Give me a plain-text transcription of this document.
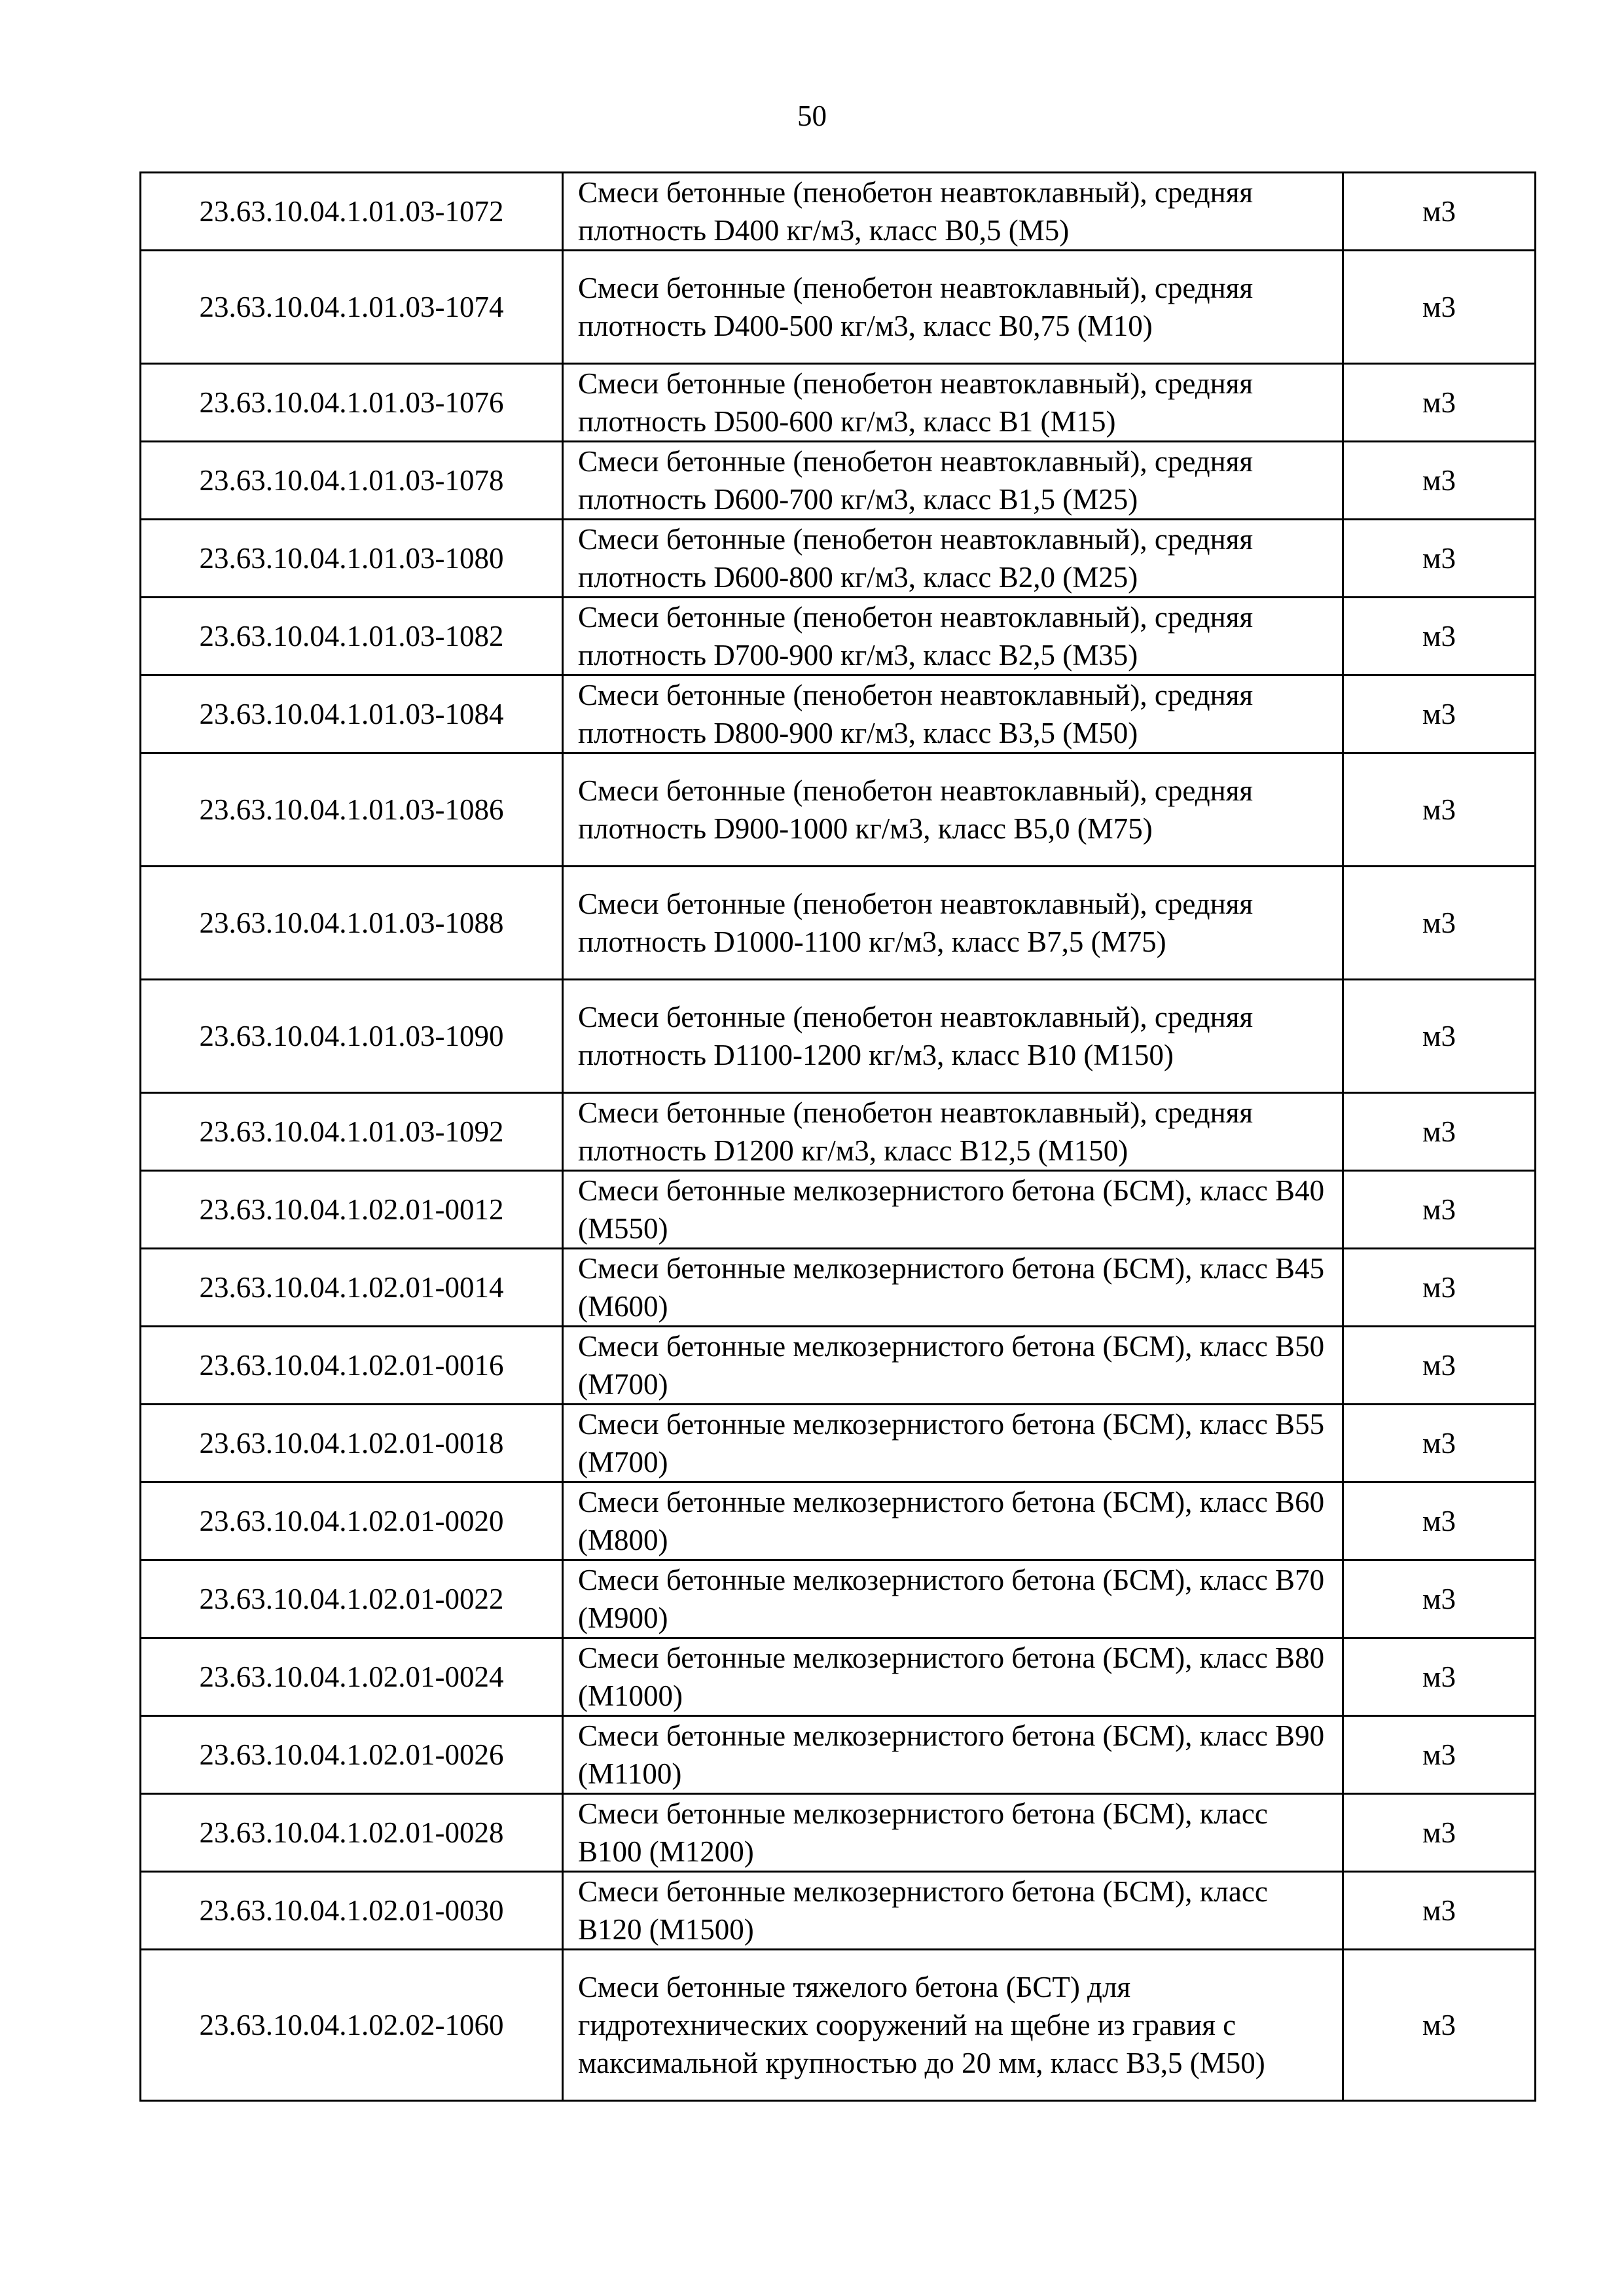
50
23.63.10.04.1.01.03-1072	Смеси бетонные (пенобетон неавтоклавный), средняя плотность D400 кг/м3, класс В0,5 (М5)	м3
23.63.10.04.1.01.03-1074	Смеси бетонные (пенобетон неавтоклавный), средняя плотность D400-500 кг/м3, класс В0,75 (М10)	м3
23.63.10.04.1.01.03-1076	Смеси бетонные (пенобетон неавтоклавный), средняя плотность D500-600 кг/м3, класс В1 (М15)	м3
23.63.10.04.1.01.03-1078	Смеси бетонные (пенобетон неавтоклавный), средняя плотность D600-700 кг/м3, класс В1,5 (М25)	м3
23.63.10.04.1.01.03-1080	Смеси бетонные (пенобетон неавтоклавный), средняя плотность D600-800 кг/м3, класс В2,0 (М25)	м3
23.63.10.04.1.01.03-1082	Смеси бетонные (пенобетон неавтоклавный), средняя плотность D700-900 кг/м3, класс В2,5 (М35)	м3
23.63.10.04.1.01.03-1084	Смеси бетонные (пенобетон неавтоклавный), средняя плотность D800-900 кг/м3, класс В3,5 (М50)	м3
23.63.10.04.1.01.03-1086	Смеси бетонные (пенобетон неавтоклавный), средняя плотность D900-1000 кг/м3, класс В5,0 (М75)	м3
23.63.10.04.1.01.03-1088	Смеси бетонные (пенобетон неавтоклавный), средняя плотность D1000-1100 кг/м3, класс В7,5 (М75)	м3
23.63.10.04.1.01.03-1090	Смеси бетонные (пенобетон неавтоклавный), средняя плотность D1100-1200 кг/м3, класс В10 (М150)	м3
23.63.10.04.1.01.03-1092	Смеси бетонные (пенобетон неавтоклавный), средняя плотность D1200 кг/м3, класс В12,5 (М150)	м3
23.63.10.04.1.02.01-0012	Смеси бетонные мелкозернистого бетона (БСМ), класс В40 (М550)	м3
23.63.10.04.1.02.01-0014	Смеси бетонные мелкозернистого бетона (БСМ), класс В45 (М600)	м3
23.63.10.04.1.02.01-0016	Смеси бетонные мелкозернистого бетона (БСМ), класс В50 (М700)	м3
23.63.10.04.1.02.01-0018	Смеси бетонные мелкозернистого бетона (БСМ), класс В55 (М700)	м3
23.63.10.04.1.02.01-0020	Смеси бетонные мелкозернистого бетона (БСМ), класс В60 (М800)	м3
23.63.10.04.1.02.01-0022	Смеси бетонные мелкозернистого бетона (БСМ), класс В70 (М900)	м3
23.63.10.04.1.02.01-0024	Смеси бетонные мелкозернистого бетона (БСМ), класс В80 (М1000)	м3
23.63.10.04.1.02.01-0026	Смеси бетонные мелкозернистого бетона (БСМ), класс В90 (М1100)	м3
23.63.10.04.1.02.01-0028	Смеси бетонные мелкозернистого бетона (БСМ), класс В100 (М1200)	м3
23.63.10.04.1.02.01-0030	Смеси бетонные мелкозернистого бетона (БСМ), класс В120 (М1500)	м3
23.63.10.04.1.02.02-1060	Смеси бетонные тяжелого бетона (БСТ) для гидротехнических сооружений на щебне из гравия с максимальной крупностью до 20 мм, класс В3,5 (М50)	м3
